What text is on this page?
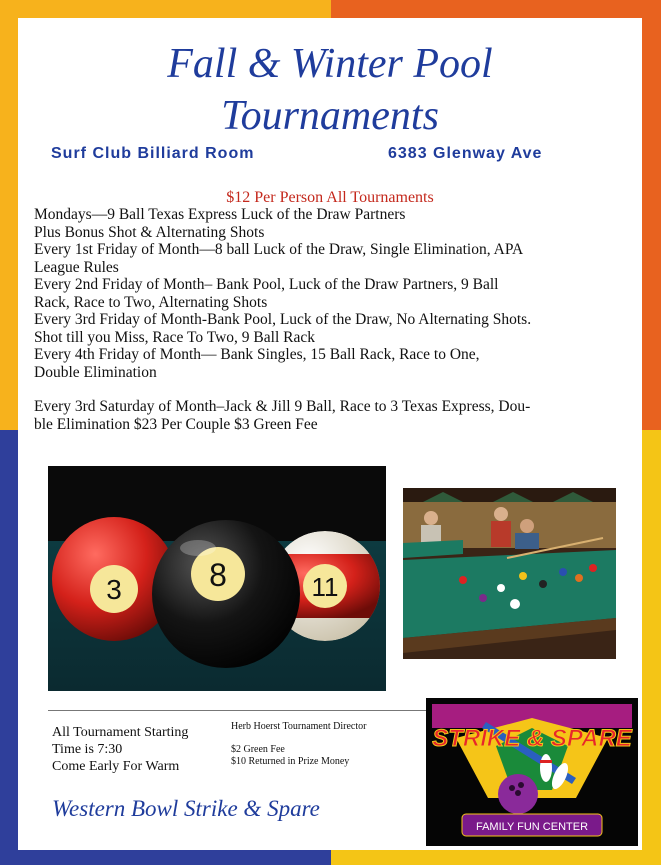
Fall & Winter Pool
Tournaments
Surf Club Billiard Room	6383 Glenway Ave
$12 Per Person All Tournaments
Mondays—9 Ball Texas Express Luck of the Draw Partners
Plus Bonus Shot & Alternating Shots
Every 1st Friday of Month—8 ball Luck of the Draw, Single Elimination, APA
League Rules
Every 2nd Friday of Month– Bank Pool, Luck of the Draw Partners, 9 Ball
Rack, Race to Two, Alternating Shots
Every 3rd Friday of Month-Bank Pool, Luck of the Draw, No Alternating Shots.
Shot till you Miss, Race To Two, 9 Ball Rack
Every 4th Friday of Month— Bank Singles, 15 Ball Rack, Race to One,
Double Elimination
Every 3rd Saturday of Month–Jack & Jill 9 Ball, Race to 3 Texas Express, Dou-
ble Elimination $23 Per Couple $3 Green Fee
3	11
8
All Tournament Starting
Time is 7:30
Come Early For Warm
Herb Hoerst Tournament Director
$2 Green Fee
$10 Returned in Prize Money
Western Bowl Strike & Spare
STRIKE & SPARE
FAMILY FUN CENTER
